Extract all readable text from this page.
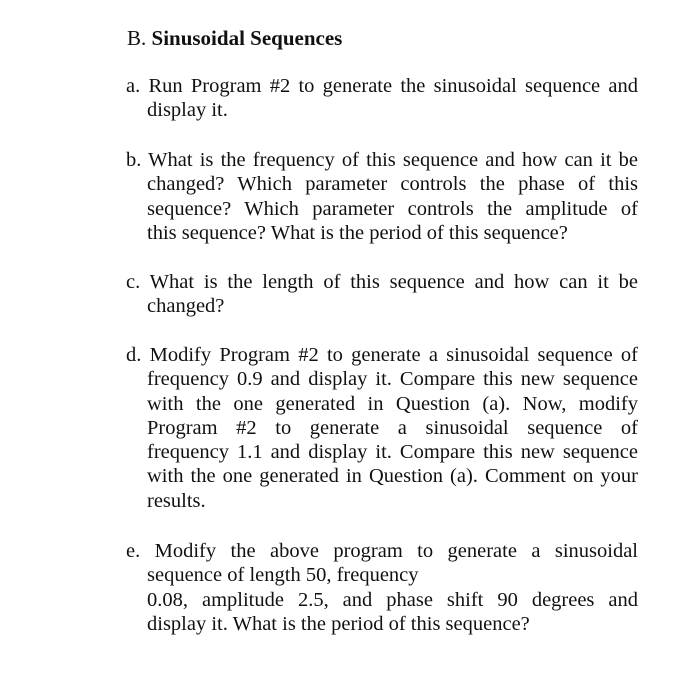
B. Sinusoidal Sequences
a. Run Program #2 to generate the sinusoidal sequence and
display it.
b. What is the frequency of this sequence and how can it be
changed? Which parameter controls the phase of this
sequence? Which parameter controls the amplitude of
this sequence? What is the period of this sequence?
c. What is the length of this sequence and how can it be
changed?
d. Modify Program #2 to generate a sinusoidal sequence of
frequency 0.9 and display it. Compare this new sequence
with the one generated in Question (a). Now, modify
Program #2 to generate a sinusoidal sequence of
frequency 1.1 and display it. Compare this new sequence
with the one generated in Question (a). Comment on your
results.
e. Modify the above program to generate a sinusoidal
sequence of length 50, frequency
0.08, amplitude 2.5, and phase shift 90 degrees and
display it. What is the period of this sequence?
